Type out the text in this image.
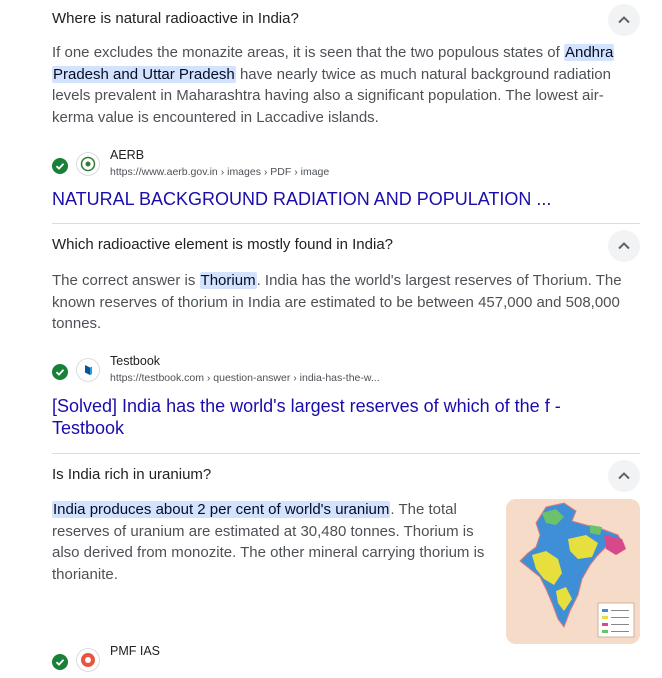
Where is natural radioactive in India?

If one excludes the monazite areas, it is seen that the two populous states of Andhra
Pradesh and Uttar Pradesh have nearly twice as much natural background radiation levels prevalent in Maharashtra having also a significant population. The lowest air-kerma value is encountered in Laccadive islands.

AERB
https://www.aerb.gov.in › images › PDF › image
NATURAL BACKGROUND RADIATION AND POPULATION ...
Which radioactive element is mostly found in India?

The correct answer is Thorium. India has the world's largest reserves of Thorium. The known reserves of thorium in India are estimated to be between 457,000 and 508,000 tonnes.

Testbook
https://testbook.com › question-answer › india-has-the-w...
[Solved] India has the world's largest reserves of which of the f - Testbook
Is India rich in uranium?

India produces about 2 per cent of world's uranium. The total reserves of uranium are estimated at 30,480 tonnes. Thorium is also derived from monozite. The other mineral carrying thorium is thorianite.

PMF IAS
